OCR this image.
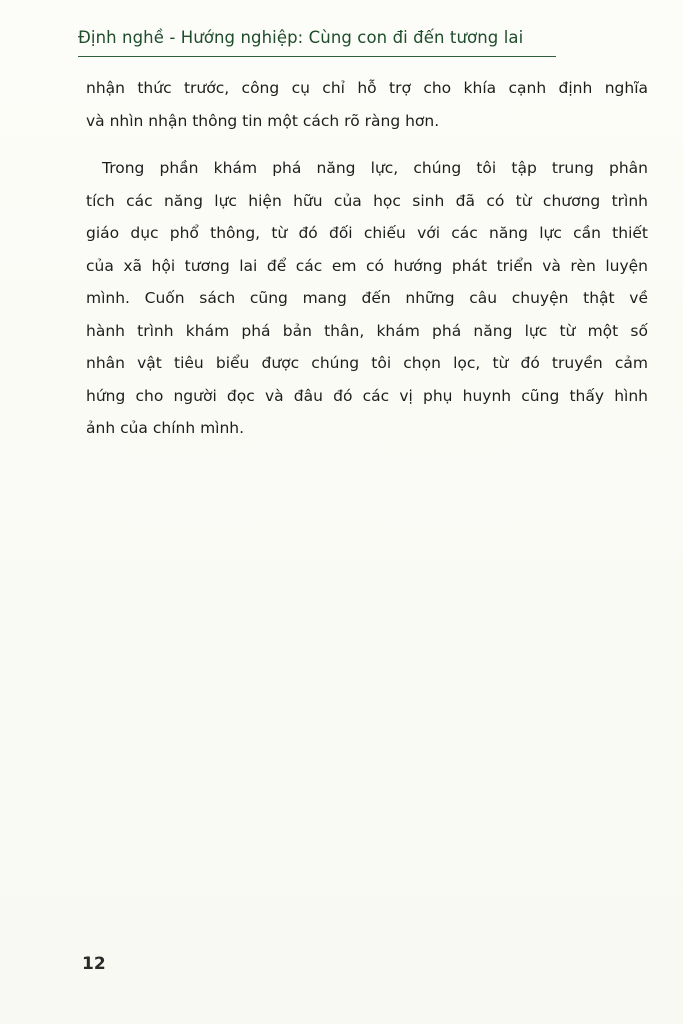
Định nghề - Hướng nghiệp: Cùng con đi đến tương lai
nhận thức trước, công cụ chỉ hỗ trợ cho khía cạnh định nghĩa
và nhìn nhận thông tin một cách rõ ràng hơn.
Trong phần khám phá năng lực, chúng tôi tập trung phân
tích các năng lực hiện hữu của học sinh đã có từ chương trình
giáo dục phổ thông, từ đó đối chiếu với các năng lực cần thiết
của xã hội tương lai để các em có hướng phát triển và rèn luyện
mình. Cuốn sách cũng mang đến những câu chuyện thật về
hành trình khám phá bản thân, khám phá năng lực từ một số
nhân vật tiêu biểu được chúng tôi chọn lọc, từ đó truyền cảm
hứng cho người đọc và đâu đó các vị phụ huynh cũng thấy hình
ảnh của chính mình.
12
